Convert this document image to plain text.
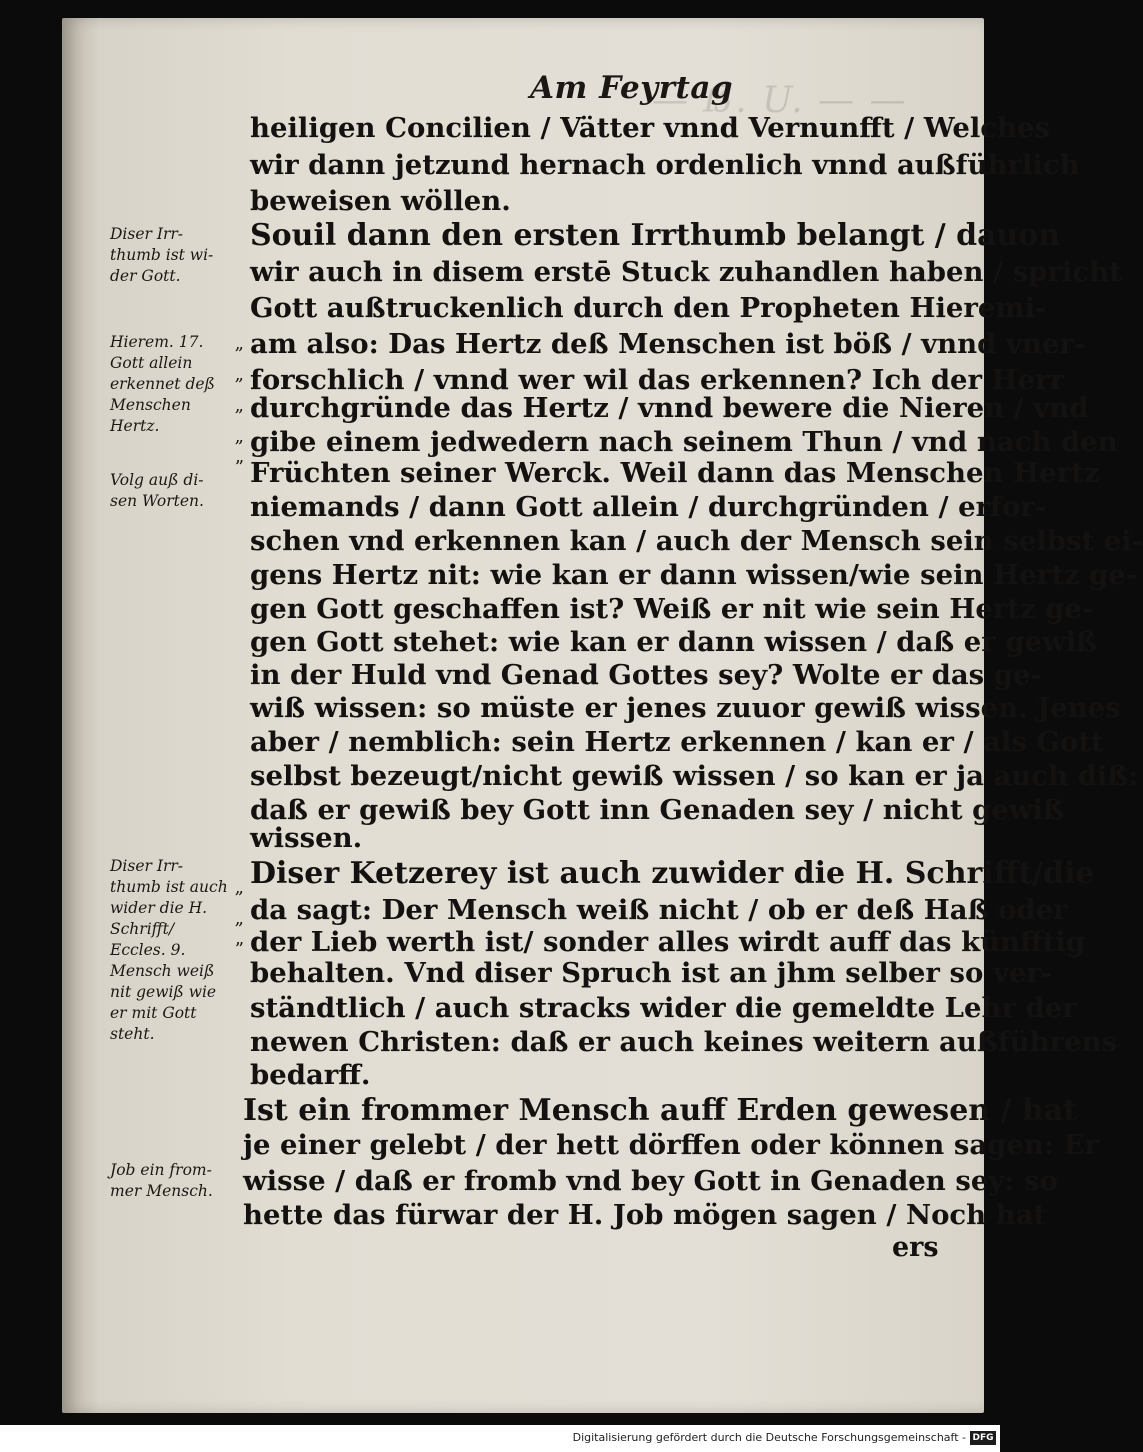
— ẞ. U. — —
Am Feyrtag
heiligen Concilien / Vätter vnnd Vernunfft / Welches
wir dann jetzund hernach ordenlich vnnd außführlich
beweisen wöllen.
Souil dann den ersten Irrthumb belangt / dauon
wir auch in disem erstē Stuck zuhandlen haben / spricht
Gott außtruckenlich durch den Propheten Hieremi-
am also: Das Hertz deß Menschen ist böß / vnnd vner-
forschlich / vnnd wer wil das erkennen? Ich der Herr
durchgründe das Hertz / vnnd bewere die Nieren / vnd
gibe einem jedwedern nach seinem Thun / vnd nach den
Früchten seiner Werck. Weil dann das Menschen Hertz
niemands / dann Gott allein / durchgründen / erfor-
schen vnd erkennen kan / auch der Mensch sein selbst ei-
gens Hertz nit: wie kan er dann wissen/wie sein Hertz ge-
gen Gott geschaffen ist? Weiß er nit wie sein Hertz ge-
gen Gott stehet: wie kan er dann wissen / daß er gewiß
in der Huld vnd Genad Gottes sey? Wolte er das ge-
wiß wissen: so müste er jenes zuuor gewiß wissen. Jenes
aber / nemblich: sein Hertz erkennen / kan er / als Gott
selbst bezeugt/nicht gewiß wissen / so kan er ja auch diß:
daß er gewiß bey Gott inn Genaden sey / nicht gewiß
wissen.
Diser Ketzerey ist auch zuwider die H. Schrifft/die
da sagt: Der Mensch weiß nicht / ob er deß Haß oder
der Lieb werth ist/ sonder alles wirdt auff das künfftig
behalten. Vnd diser Spruch ist an jhm selber so ver-
ständtlich / auch stracks wider die gemeldte Lehr der
newen Christen: daß er auch keines weitern außführens
bedarff.
Ist ein frommer Mensch auff Erden gewesen / hat
je einer gelebt / der hett dörffen oder können sagen: Er
wisse / daß er fromb vnd bey Gott in Genaden sey: so
hette das fürwar der H. Job mögen sagen / Noch hat
Diser Irr-
thumb ist wi-
der Gott.
Hierem. 17.
Gott allein
erkennet deß
Menschen
Hertz.
Volg auß di-
sen Worten.
Diser Irr-
thumb ist auch
wider die H.
Schrifft/
Eccles. 9.
Mensch weiß
nit gewiß wie
er mit Gott
steht.
Job ein from-
mer Mensch.
„
„
„
„
”
„
„
”
ers
Digitalisierung gefördert durch die Deutsche Forschungsgemeinschaft - DFG
